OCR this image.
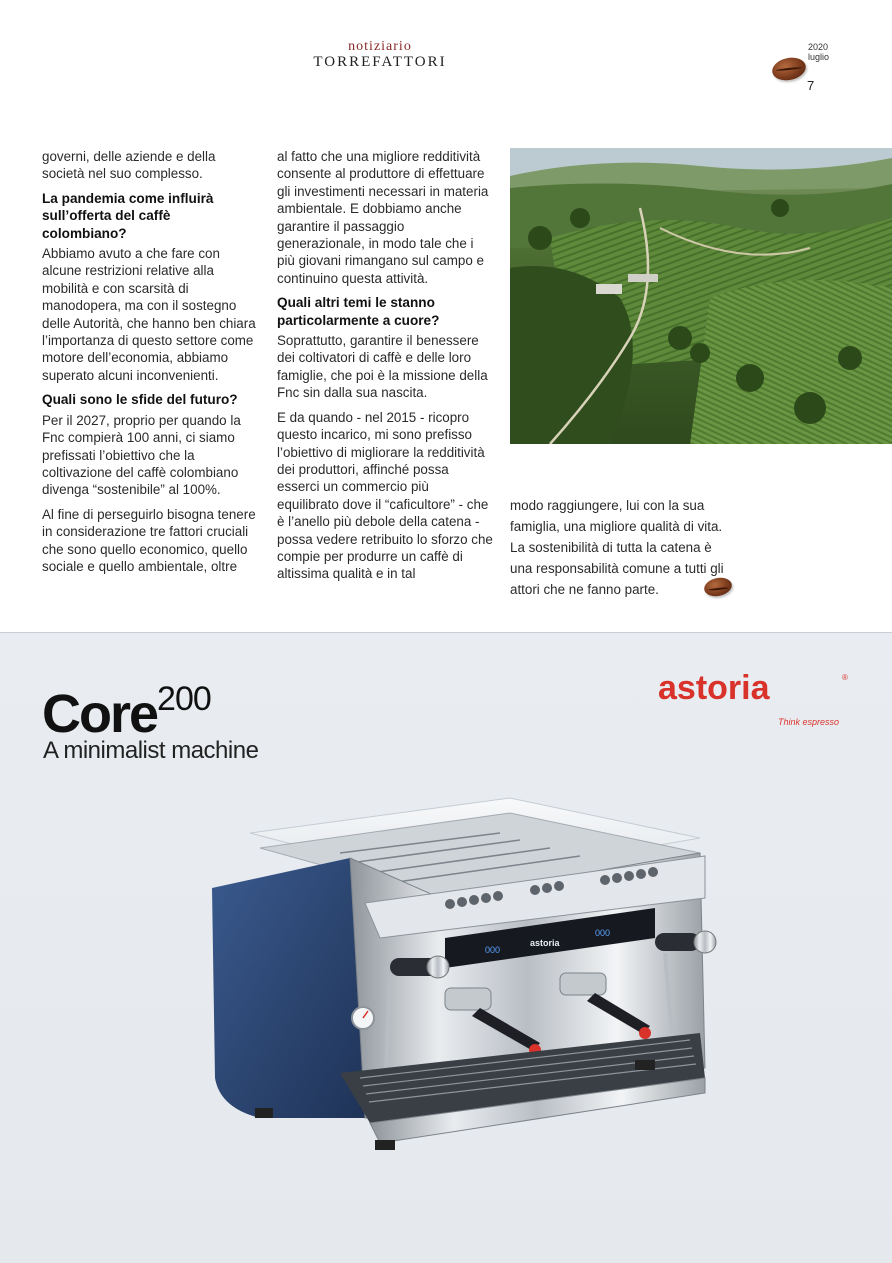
notiziario
TORREFATTORI
2020
luglio
7

governi, delle aziende e della società nel suo complesso.

La pandemia come influirà sull’offerta del caffè colombiano?

Abbiamo avuto a che fare con alcune restrizioni relative alla mobilità e con scarsità di manodopera, ma con il sostegno delle Autorità, che hanno ben chiara l’importanza di questo settore come motore dell’economia, abbiamo superato alcuni inconvenienti.

Quali sono le sfide del futuro?

Per il 2027, proprio per quando la Fnc compierà 100 anni, ci siamo prefissati l’obiettivo che la coltivazione del caffè colombiano divenga “sostenibile” al 100%.

Al fine di perseguirlo bisogna tenere in considerazione tre fattori cruciali che sono quello economico, quello sociale e quello ambientale, oltre

al fatto che una migliore redditività consente al produttore di effettuare gli investimenti necessari in materia ambientale. E dobbiamo anche garantire il passaggio generazionale, in modo tale che i più giovani rimangano sul campo e continuino questa attività.

Quali altri temi le stanno particolarmente a cuore?

Soprattutto, garantire il benessere dei coltivatori di caffè e delle loro famiglie, che poi è la missione della Fnc sin dalla sua nascita.

E da quando - nel 2015 - ricopro questo incarico, mi sono prefisso l’obiettivo di migliorare la redditività dei produttori, affinché possa esserci un commercio più equilibrato dove il “caficultore” - che è l’anello più debole della catena - possa vedere retribuito lo sforzo che compie per produrre un caffè di altissima qualità e in tal

modo raggiungere, lui con la sua famiglia, una migliore qualità di vita. La sostenibilità di tutta la catena è una responsabilità comune a tutti gli attori che ne fanno parte.

Core$^{200}$
A minimalist machine
astoria	®
Think espresso
000
astoria
000
